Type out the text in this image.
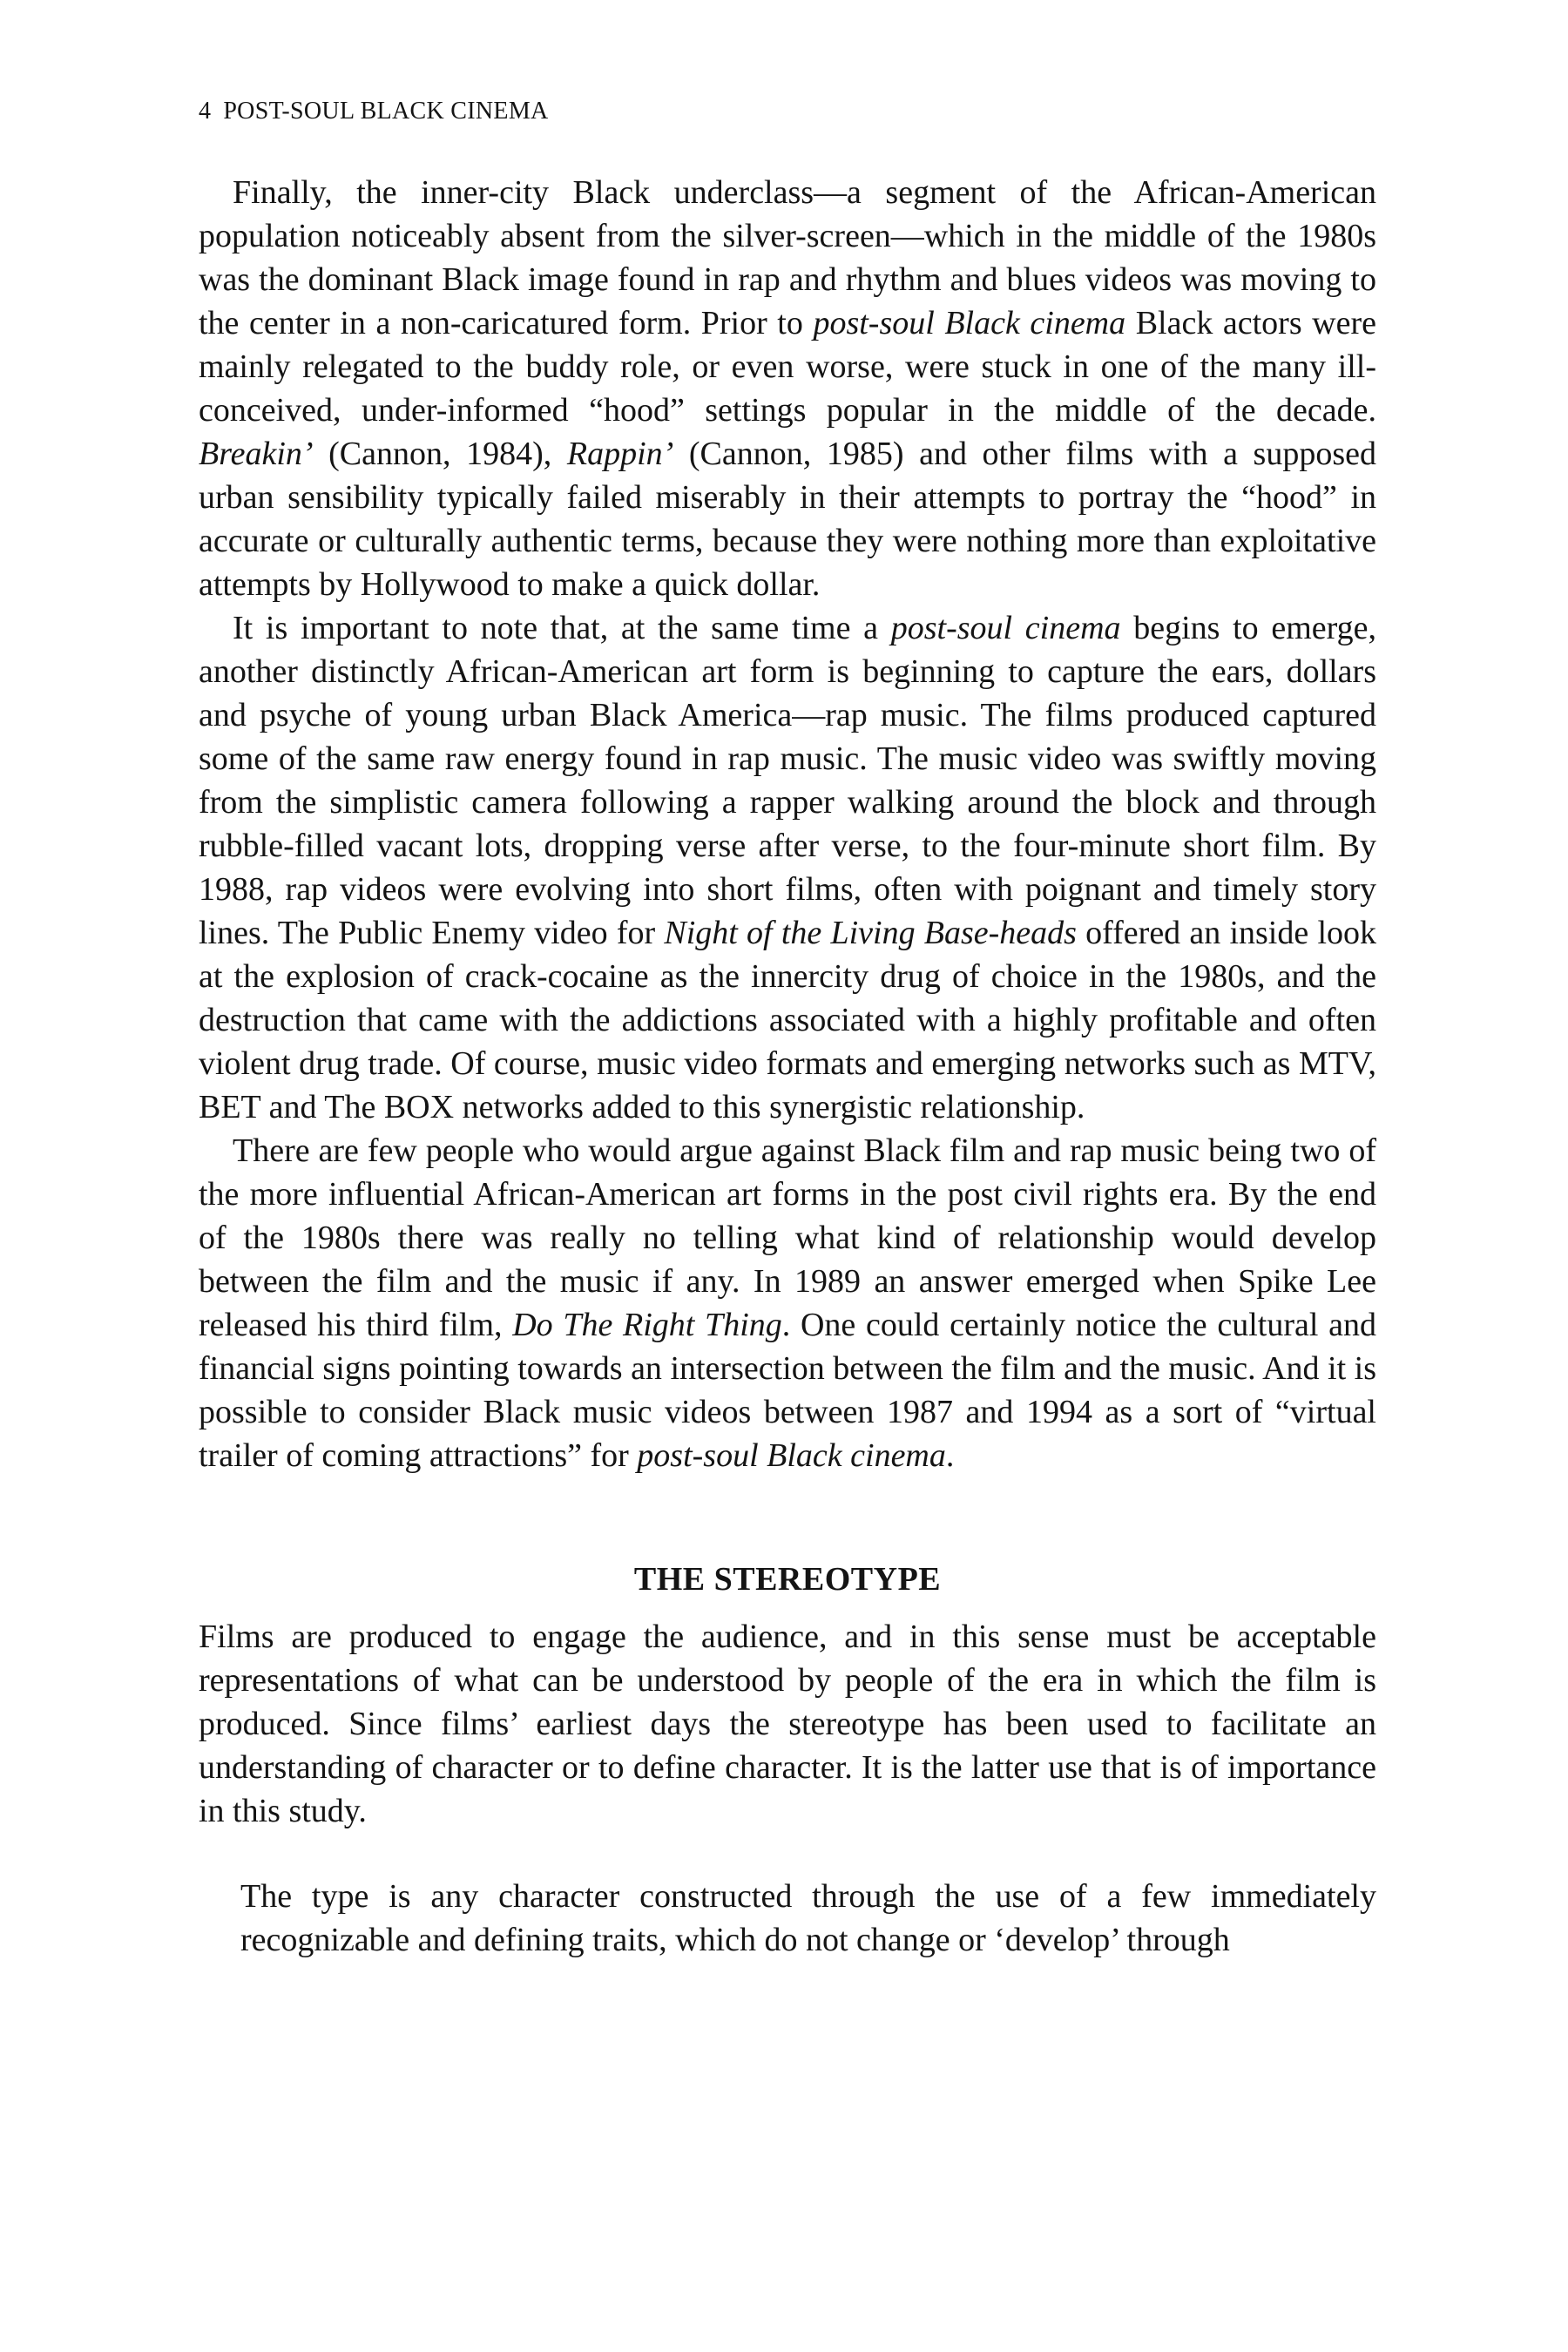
4 POST-SOUL BLACK CINEMA

Finally, the inner-city Black underclass—a segment of the African-American population noticeably absent from the silver-screen—which in the middle of the 1980s was the dominant Black image found in rap and rhythm and blues videos was moving to the center in a non-caricatured form. Prior to post-soul Black cinema Black actors were mainly relegated to the buddy role, or even worse, were stuck in one of the many ill-conceived, under-informed “hood” settings popular in the middle of the decade. Breakin’ (Cannon, 1984), Rappin’ (Cannon, 1985) and other films with a supposed urban sensibility typically failed miserably in their attempts to portray the “hood” in accurate or culturally authentic terms, because they were nothing more than exploitative attempts by Hollywood to make a quick dollar.

It is important to note that, at the same time a post-soul cinema begins to emerge, another distinctly African-American art form is beginning to capture the ears, dollars and psyche of young urban Black America—rap music. The films produced captured some of the same raw energy found in rap music. The music video was swiftly moving from the simplistic camera following a rapper walking around the block and through rubble-filled vacant lots, dropping verse after verse, to the four-minute short film. By 1988, rap videos were evolving into short films, often with poignant and timely story lines. The Public Enemy video for Night of the Living Base-heads offered an inside look at the explosion of crack-cocaine as the innercity drug of choice in the 1980s, and the destruction that came with the addictions associated with a highly profitable and often violent drug trade. Of course, music video formats and emerging networks such as MTV, BET and The BOX networks added to this synergistic relationship.

There are few people who would argue against Black film and rap music being two of the more influential African-American art forms in the post civil rights era. By the end of the 1980s there was really no telling what kind of relationship would develop between the film and the music if any. In 1989 an answer emerged when Spike Lee released his third film, Do The Right Thing. One could certainly notice the cultural and financial signs pointing towards an intersection between the film and the music. And it is possible to consider Black music videos between 1987 and 1994 as a sort of “virtual trailer of coming attractions” for post-soul Black cinema.

THE STEREOTYPE

Films are produced to engage the audience, and in this sense must be acceptable representations of what can be understood by people of the era in which the film is produced. Since films’ earliest days the stereotype has been used to facilitate an understanding of character or to define character. It is the latter use that is of importance in this study.

The type is any character constructed through the use of a few immediately recognizable and defining traits, which do not change or ‘develop’ through
